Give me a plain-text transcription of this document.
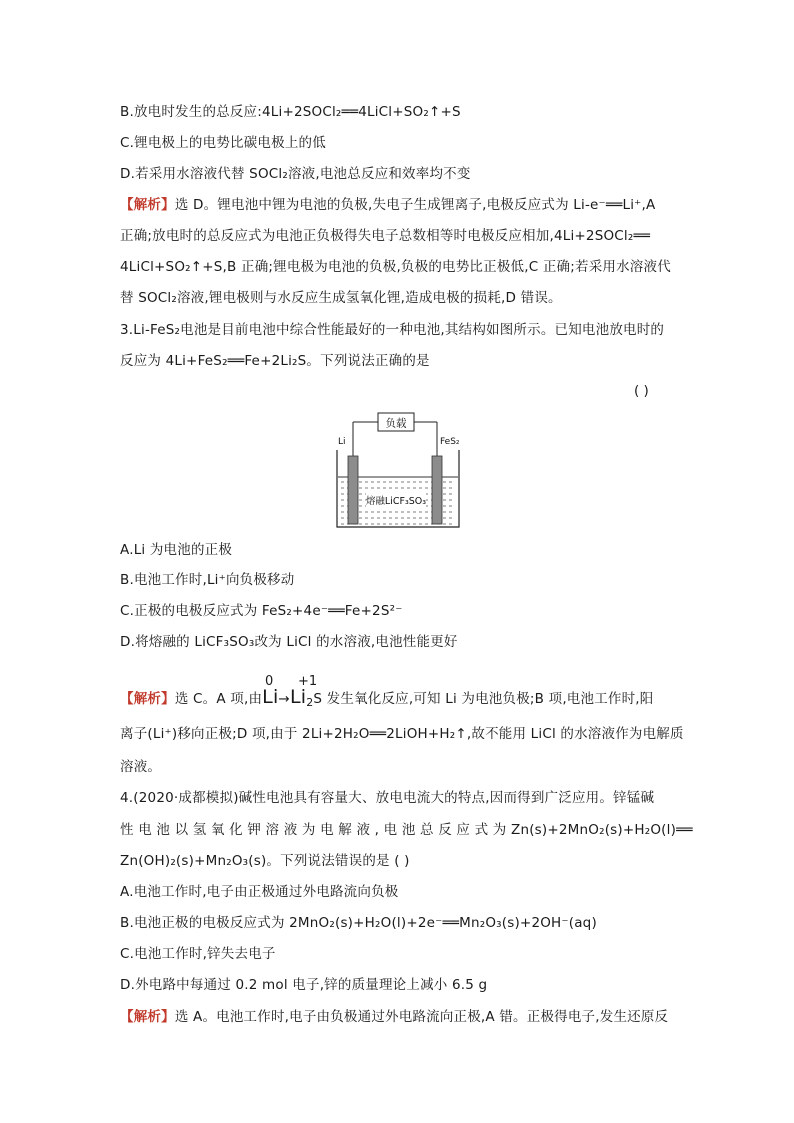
B.放电时发生的总反应:4Li+2SOCl₂══4LiCl+SO₂↑+S
C.锂电极上的电势比碳电极上的低
D.若采用水溶液代替 SOCl₂溶液,电池总反应和效率均不变
【解析】选 D。锂电池中锂为电池的负极,失电子生成锂离子,电极反应式为 Li-e⁻══Li⁺,A
正确;放电时的总反应式为电池正负极得失电子总数相等时电极反应相加,4Li+2SOCl₂══
4LiCl+SO₂↑+S,B 正确;锂电极为电池的负极,负极的电势比正极低,C 正确;若采用水溶液代
替 SOCl₂溶液,锂电极则与水反应生成氢氧化锂,造成电极的损耗,D 错误。
3.Li-FeS₂电池是目前电池中综合性能最好的一种电池,其结构如图所示。已知电池放电时的
反应为 4Li+FeS₂══Fe+2Li₂S。下列说法正确的是
( )
负载
Li	FeS₂
熔融LiCF₃SO₃
A.Li 为电池的正极
B.电池工作时,Li⁺向负极移动
C.正极的电极反应式为 FeS₂+4e⁻══Fe+2S²⁻
D.将熔融的 LiCF₃SO₃改为 LiCl 的水溶液,电池性能更好
0 +1
【解析】选 C。A 项,由$Li\to Li_2S$ 发生氧化反应,可知 Li 为电池负极;B 项,电池工作时,阳
离子(Li⁺)移向正极;D 项,由于 2Li+2H₂O══2LiOH+H₂↑,故不能用 LiCl 的水溶液作为电解质
溶液。
4.(2020·成都模拟)碱性电池具有容量大、放电电流大的特点,因而得到广泛应用。锌锰碱
性 电 池 以 氢 氧 化 钾 溶 液 为 电 解 液 , 电 池 总 反 应 式 为 Zn(s)+2MnO₂(s)+H₂O(l)══
Zn(OH)₂(s)+Mn₂O₃(s)。下列说法错误的是 ( )
A.电池工作时,电子由正极通过外电路流向负极
B.电池正极的电极反应式为 2MnO₂(s)+H₂O(l)+2e⁻══Mn₂O₃(s)+2OH⁻(aq)
C.电池工作时,锌失去电子
D.外电路中每通过 0.2 mol 电子,锌的质量理论上减小 6.5 g
【解析】选 A。电池工作时,电子由负极通过外电路流向正极,A 错。正极得电子,发生还原反
